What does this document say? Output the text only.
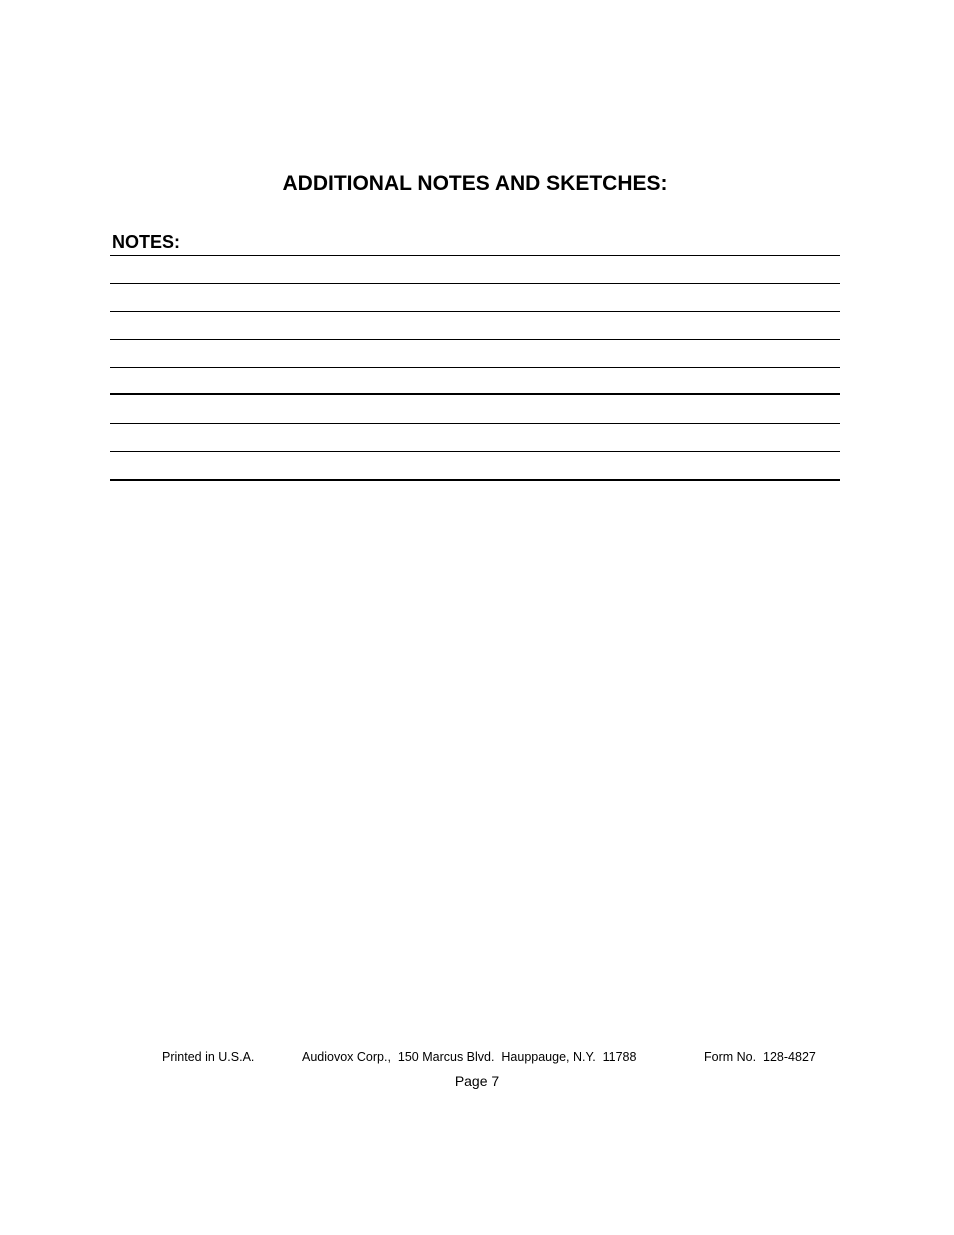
ADDITIONAL NOTES AND SKETCHES:
NOTES:
Printed in U.S.A.	Audiovox Corp.,  150 Marcus Blvd.  Hauppauge, N.Y.  11788	Form No.  128-4827
Page 7
